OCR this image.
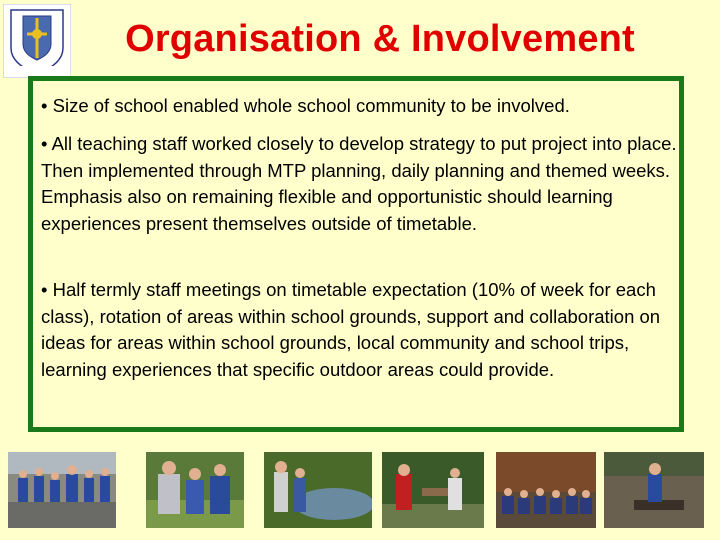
Organisation & Involvement
• Size of school enabled whole school community to be involved.
• All teaching staff worked closely to develop strategy to put project into place. Then implemented through MTP planning, daily planning and themed weeks. Emphasis also on remaining flexible and opportunistic should learning experiences present themselves outside of timetable.
• Half termly staff meetings on timetable expectation (10% of week for each class), rotation of areas within school grounds, support and collaboration on ideas for areas within school grounds, local community and school trips, learning experiences that specific outdoor areas could provide.
